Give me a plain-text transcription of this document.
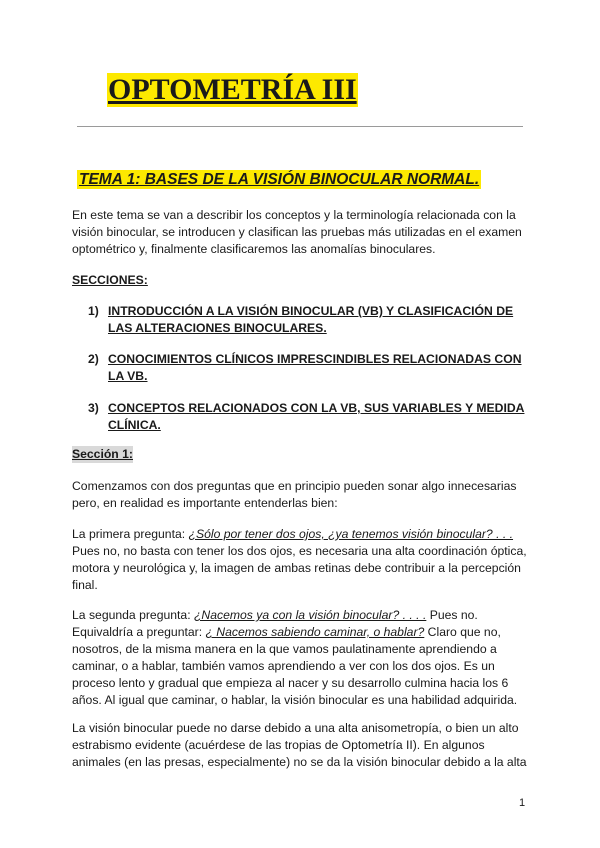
OPTOMETRÍA III
TEMA 1: BASES DE LA VISIÓN BINOCULAR NORMAL.
En este tema se van a describir los conceptos y la terminología relacionada con la
visión binocular, se introducen y clasifican las pruebas más utilizadas en el examen
optométrico y, finalmente clasificaremos las anomalías binoculares.
SECCIONES:
1) INTRODUCCIÓN A LA VISIÓN BINOCULAR (VB) Y CLASIFICACIÓN DE
LAS ALTERACIONES BINOCULARES.
2) CONOCIMIENTOS CLÍNICOS IMPRESCINDIBLES RELACIONADAS CON
LA VB.
3) CONCEPTOS RELACIONADOS CON LA VB, SUS VARIABLES Y MEDIDA
CLÍNICA.
Sección 1:
Comenzamos con dos preguntas que en principio pueden sonar algo innecesarias
pero, en realidad es importante entenderlas bien:
La primera pregunta: ¿Sólo por tener dos ojos, ¿ya tenemos visión binocular? . . .
Pues no, no basta con tener los dos ojos, es necesaria una alta coordinación óptica,
motora y neurológica y, la imagen de ambas retinas debe contribuir a la percepción
final.
La segunda pregunta: ¿Nacemos ya con la visión binocular? . . . . Pues no.
Equivaldría a preguntar: ¿ Nacemos sabiendo caminar, o hablar? Claro que no,
nosotros, de la misma manera en la que vamos paulatinamente aprendiendo a
caminar, o a hablar, también vamos aprendiendo a ver con los dos ojos. Es un
proceso lento y gradual que empieza al nacer y su desarrollo culmina hacia los 6
años. Al igual que caminar, o hablar, la visión binocular es una habilidad adquirida.
La visión binocular puede no darse debido a una alta anisometropía, o bien un alto
estrabismo evidente (acuérdese de las tropias de Optometría II). En algunos
animales (en las presas, especialmente) no se da la visión binocular debido a la alta
1
